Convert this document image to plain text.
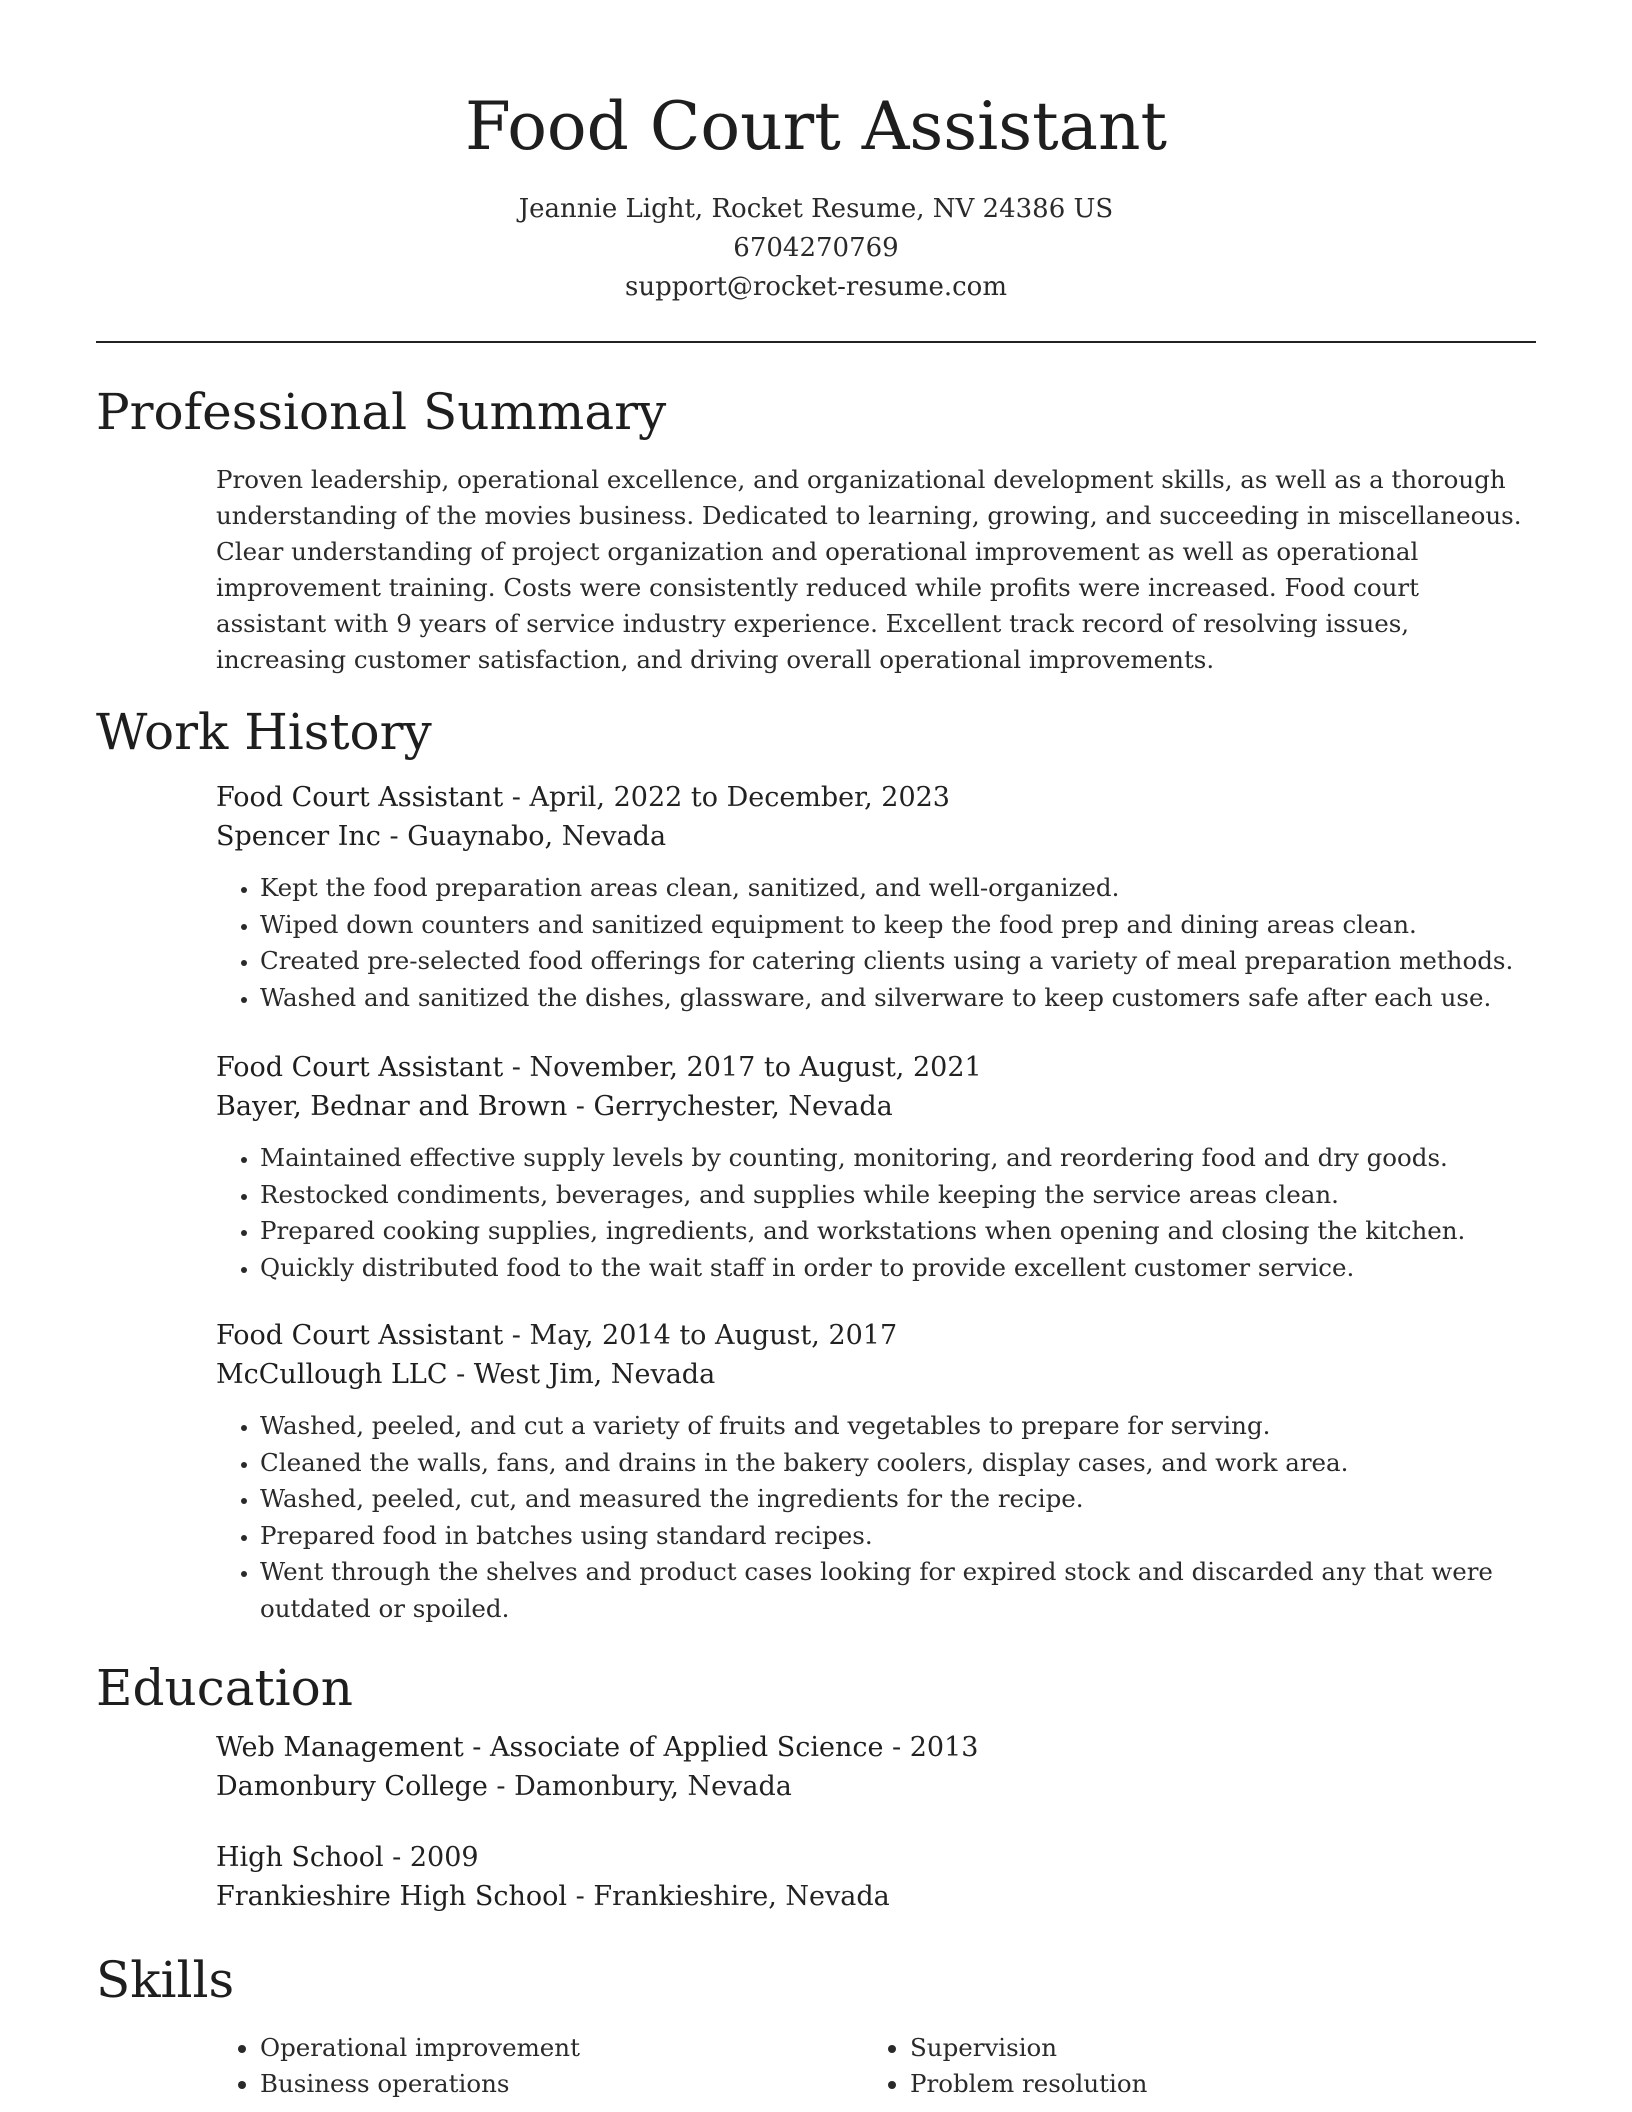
Food Court Assistant
Jeannie Light, Rocket Resume, NV 24386 US
6704270769
support@rocket-resume.com
Professional Summary
Proven leadership, operational excellence, and organizational development skills, as well as a thorough understanding of the movies business. Dedicated to learning, growing, and succeeding in miscellaneous. Clear understanding of project organization and operational improvement as well as operational improvement training. Costs were consistently reduced while profits were increased. Food court assistant with 9 years of service industry experience. Excellent track record of resolving issues, increasing customer satisfaction, and driving overall operational improvements.
Work History
Food Court Assistant - April, 2022 to December, 2023
Spencer Inc - Guaynabo, Nevada
• Kept the food preparation areas clean, sanitized, and well-organized.
• Wiped down counters and sanitized equipment to keep the food prep and dining areas clean.
• Created pre-selected food offerings for catering clients using a variety of meal preparation methods.
• Washed and sanitized the dishes, glassware, and silverware to keep customers safe after each use.
Food Court Assistant - November, 2017 to August, 2021
Bayer, Bednar and Brown - Gerrychester, Nevada
• Maintained effective supply levels by counting, monitoring, and reordering food and dry goods.
• Restocked condiments, beverages, and supplies while keeping the service areas clean.
• Prepared cooking supplies, ingredients, and workstations when opening and closing the kitchen.
• Quickly distributed food to the wait staff in order to provide excellent customer service.
Food Court Assistant - May, 2014 to August, 2017
McCullough LLC - West Jim, Nevada
• Washed, peeled, and cut a variety of fruits and vegetables to prepare for serving.
• Cleaned the walls, fans, and drains in the bakery coolers, display cases, and work area.
• Washed, peeled, cut, and measured the ingredients for the recipe.
• Prepared food in batches using standard recipes.
• Went through the shelves and product cases looking for expired stock and discarded any that were outdated or spoiled.
Education
Web Management - Associate of Applied Science - 2013
Damonbury College - Damonbury, Nevada
High School - 2009
Frankieshire High School - Frankieshire, Nevada
Skills
• Operational improvement
• Business operations
• Supervision
• Problem resolution
